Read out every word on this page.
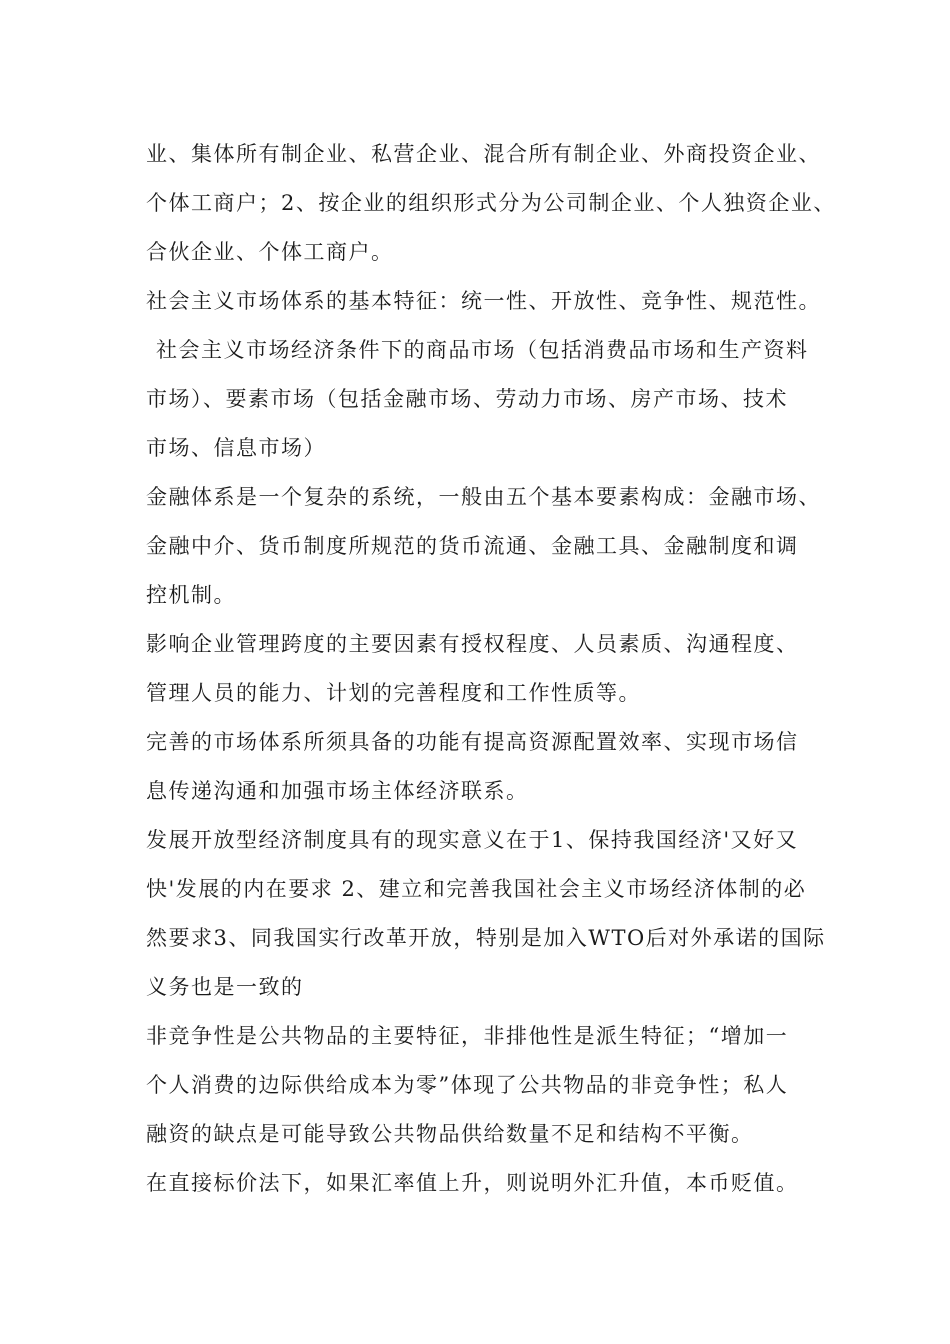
业、集体所有制企业、私营企业、混合所有制企业、外商投资企业、
个体工商户；2、按企业的组织形式分为公司制企业、个人独资企业、
合伙企业、个体工商户。
社会主义市场体系的基本特征：统一性、开放性、竞争性、规范性。
社会主义市场经济条件下的商品市场（包括消费品市场和生产资料
市场）、要素市场（包括金融市场、劳动力市场、房产市场、技术
市场、信息市场）
金融体系是一个复杂的系统，一般由五个基本要素构成：金融市场、
金融中介、货币制度所规范的货币流通、金融工具、金融制度和调
控机制。
影响企业管理跨度的主要因素有授权程度、人员素质、沟通程度、
管理人员的能力、计划的完善程度和工作性质等。
完善的市场体系所须具备的功能有提高资源配置效率、实现市场信
息传递沟通和加强市场主体经济联系。
发展开放型经济制度具有的现实意义在于1、保持我国经济'又好又
快'发展的内在要求 2、建立和完善我国社会主义市场经济体制的必
然要求3、同我国实行改革开放，特别是加入WTO后对外承诺的国际
义务也是一致的
非竞争性是公共物品的主要特征，非排他性是派生特征；“增加一
个人消费的边际供给成本为零”体现了公共物品的非竞争性；私人
融资的缺点是可能导致公共物品供给数量不足和结构不平衡。
在直接标价法下，如果汇率值上升，则说明外汇升值，本币贬值。
